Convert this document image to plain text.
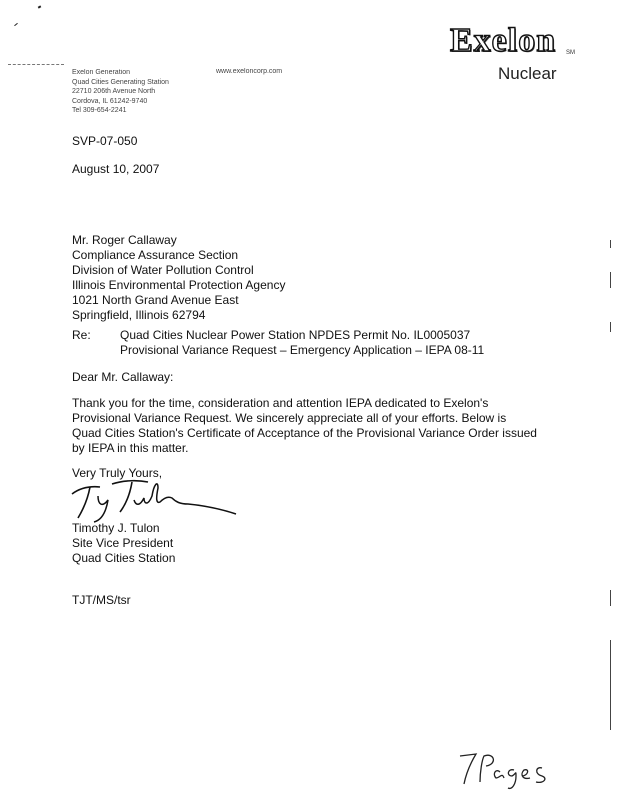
Exelon SM
Nuclear
Exelon Generation
Quad Cities Generating Station
22710 206th Avenue North
Cordova, IL 61242-9740
Tel 309-654-2241
www.exeloncorp.com
SVP-07-050
August 10, 2007
Mr. Roger Callaway
Compliance Assurance Section
Division of Water Pollution Control
Illinois Environmental Protection Agency
1021 North Grand Avenue East
Springfield, Illinois 62794
Re: Quad Cities Nuclear Power Station NPDES Permit No. IL0005037
Provisional Variance Request – Emergency Application – IEPA 08-11
Dear Mr. Callaway:
Thank you for the time, consideration and attention IEPA dedicated to Exelon's
Provisional Variance Request. We sincerely appreciate all of your efforts. Below is
Quad Cities Station's Certificate of Acceptance of the Provisional Variance Order issued
by IEPA in this matter.
Very Truly Yours,
Timothy J. Tulon
Site Vice President
Quad Cities Station
TJT/MS/tsr
